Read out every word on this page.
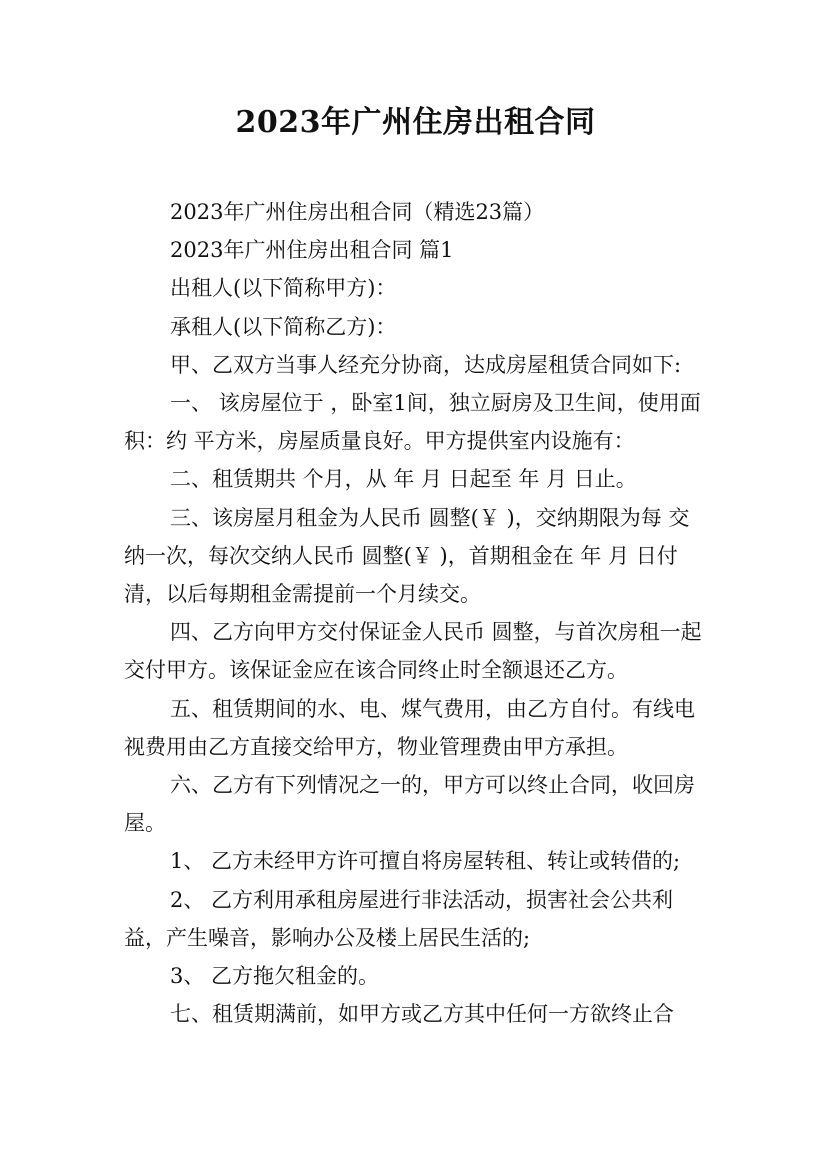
2023年广州住房出租合同

2023年广州住房出租合同（精选23篇）

2023年广州住房出租合同 篇1

出租人(以下简称甲方)：

承租人(以下简称乙方)：

甲、乙双方当事人经充分协商，达成房屋租赁合同如下:

一、 该房屋位于 ，卧室1间，独立厨房及卫生间，使用面积：约 平方米，房屋质量良好。甲方提供室内设施有：

二、租赁期共 个月，从 年 月 日起至 年 月 日止。

三、该房屋月租金为人民币 圆整(￥ )，交纳期限为每 交纳一次，每次交纳人民币 圆整(￥ )，首期租金在 年 月 日付清，以后每期租金需提前一个月续交。

四、乙方向甲方交付保证金人民币 圆整，与首次房租一起交付甲方。该保证金应在该合同终止时全额退还乙方。

五、租赁期间的水、电、煤气费用，由乙方自付。有线电视费用由乙方直接交给甲方，物业管理费由甲方承担。

六、乙方有下列情况之一的，甲方可以终止合同，收回房屋。

1、 乙方未经甲方许可擅自将房屋转租、转让或转借的;

2、 乙方利用承租房屋进行非法活动，损害社会公共利益，产生噪音，影响办公及楼上居民生活的;

3、 乙方拖欠租金的。

七、租赁期满前，如甲方或乙方其中任何一方欲终止合
